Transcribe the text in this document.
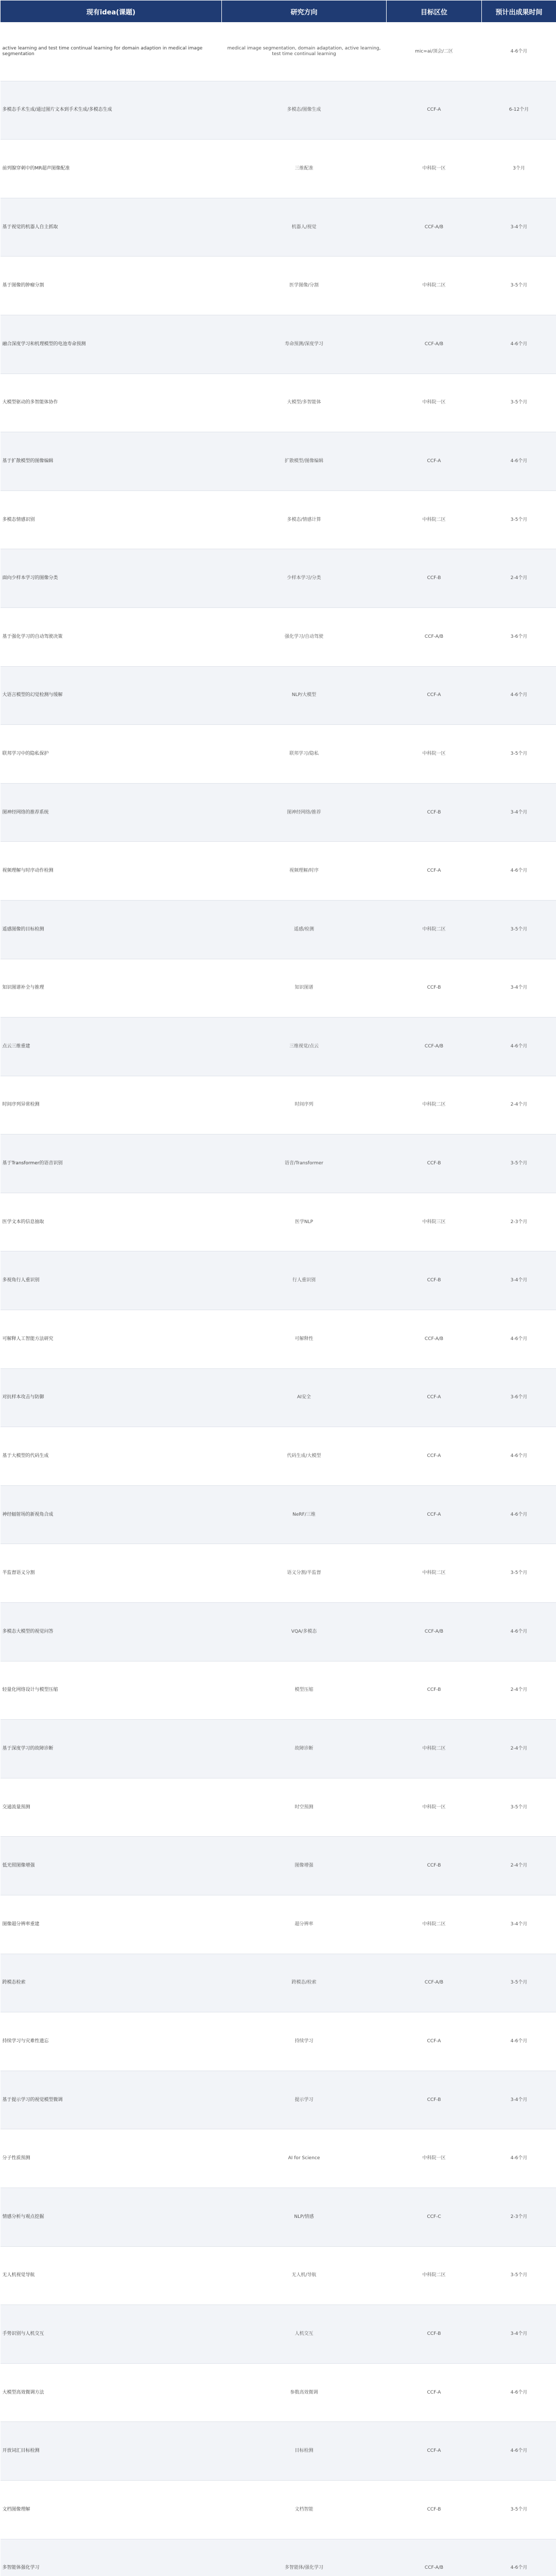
现有idea(课题)	研究方向	目标区位	预计出成果时间
active learning and test time continual learning for domain adaption in medical image segmentation	medical image segmentation, domain adaptation, active learning, test time continual learning	mic=ai/顶会/二区	4-6个月
多模态手术生成/通过图片文本到手术生成/多模态生成	多模态/图像生成	CCF-A	6-12个月
前列腺穿刺中的MR超声图像配准	三维配准	中科院一区	3个月
基于视觉的机器人自主抓取	机器人/视觉	CCF-A/B	3-4个月
基于图像的肿瘤分割	医学图像/分割	中科院二区	3-5个月
融合深度学习和机理模型的电池寿命预测	寿命预测/深度学习	CCF-A/B	4-6个月
大模型驱动的多智能体协作	大模型/多智能体	中科院一区	3-5个月
基于扩散模型的图像编辑	扩散模型/图像编辑	CCF-A	4-6个月
多模态情感识别	多模态/情感计算	中科院二区	3-5个月
面向少样本学习的图像分类	少样本学习/分类	CCF-B	2-4个月
基于强化学习的自动驾驶决策	强化学习/自动驾驶	CCF-A/B	3-6个月
大语言模型的幻觉检测与缓解	NLP/大模型	CCF-A	4-6个月
联邦学习中的隐私保护	联邦学习/隐私	中科院一区	3-5个月
图神经网络的推荐系统	图神经网络/推荐	CCF-B	3-4个月
视频理解与时序动作检测	视频理解/时序	CCF-A	4-6个月
遥感图像的目标检测	遥感/检测	中科院二区	3-5个月
知识图谱补全与推理	知识图谱	CCF-B	3-4个月
点云三维重建	三维视觉/点云	CCF-A/B	4-6个月
时间序列异常检测	时间序列	中科院二区	2-4个月
基于Transformer的语音识别	语音/Transformer	CCF-B	3-5个月
医学文本的信息抽取	医学NLP	中科院三区	2-3个月
多视角行人重识别	行人重识别	CCF-B	3-4个月
可解释人工智能方法研究	可解释性	CCF-A/B	4-6个月
对抗样本攻击与防御	AI安全	CCF-A	3-6个月
基于大模型的代码生成	代码生成/大模型	CCF-A	4-6个月
神经辐射场的新视角合成	NeRF/三维	CCF-A	4-6个月
半监督语义分割	语义分割/半监督	中科院二区	3-5个月
多模态大模型的视觉问答	VQA/多模态	CCF-A/B	4-6个月
轻量化网络设计与模型压缩	模型压缩	CCF-B	2-4个月
基于深度学习的故障诊断	故障诊断	中科院二区	2-4个月
交通流量预测	时空预测	中科院一区	3-5个月
低光照图像增强	图像增强	CCF-B	2-4个月
图像超分辨率重建	超分辨率	中科院二区	3-4个月
跨模态检索	跨模态/检索	CCF-A/B	3-5个月
持续学习与灾难性遗忘	持续学习	CCF-A	4-6个月
基于提示学习的视觉模型微调	提示学习	CCF-B	3-4个月
分子性质预测	AI for Science	中科院一区	4-6个月
情感分析与观点挖掘	NLP/情感	CCF-C	2-3个月
无人机视觉导航	无人机/导航	中科院二区	3-5个月
手势识别与人机交互	人机交互	CCF-B	3-4个月
大模型高效微调方法	参数高效微调	CCF-A	4-6个月
开放词汇目标检测	目标检测	CCF-A	4-6个月
文档图像理解	文档智能	CCF-B	3-5个月
多智能体强化学习	多智能体/强化学习	CCF-A/B	4-6个月
